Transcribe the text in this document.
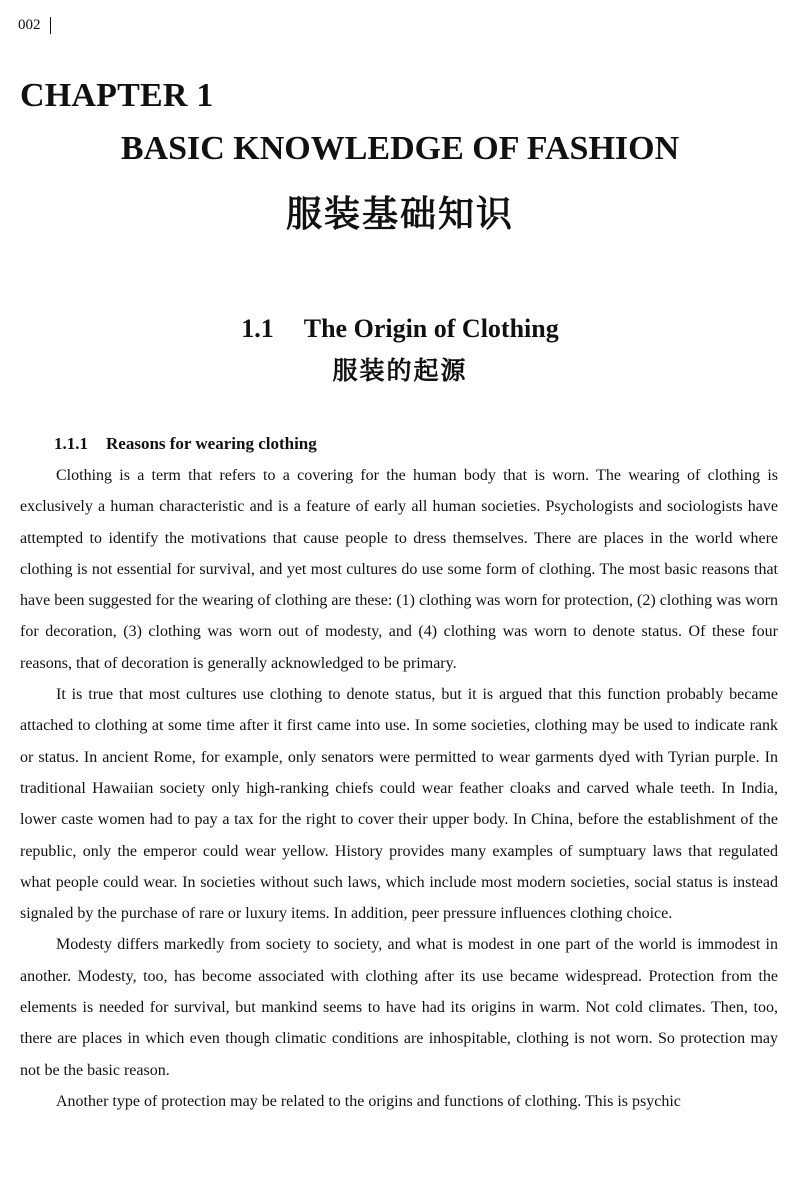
002
CHAPTER 1
BASIC KNOWLEDGE OF FASHION
服装基础知识
1.1 The Origin of Clothing
服装的起源
1.1.1 Reasons for wearing clothing

Clothing is a term that refers to a covering for the human body that is worn. The wearing of clothing is exclusively a human characteristic and is a feature of early all human societies. Psychologists and sociologists have attempted to identify the motivations that cause people to dress themselves. There are places in the world where clothing is not essential for survival, and yet most cultures do use some form of clothing. The most basic reasons that have been suggested for the wearing of clothing are these: (1) clothing was worn for protection, (2) clothing was worn for decoration, (3) clothing was worn out of modesty, and (4) clothing was worn to denote status. Of these four reasons, that of decoration is generally acknowledged to be primary.

It is true that most cultures use clothing to denote status, but it is argued that this function probably became attached to clothing at some time after it first came into use. In some societies, clothing may be used to indicate rank or status. In ancient Rome, for example, only senators were permitted to wear garments dyed with Tyrian purple. In traditional Hawaiian society only high-ranking chiefs could wear feather cloaks and carved whale teeth. In India, lower caste women had to pay a tax for the right to cover their upper body. In China, before the establishment of the republic, only the emperor could wear yellow. History provides many examples of sumptuary laws that regulated what people could wear. In societies without such laws, which include most modern societies, social status is instead signaled by the purchase of rare or luxury items. In addition, peer pressure influences clothing choice.

Modesty differs markedly from society to society, and what is modest in one part of the world is immodest in another. Modesty, too, has become associated with clothing after its use became widespread. Protection from the elements is needed for survival, but mankind seems to have had its origins in warm. Not cold climates. Then, too, there are places in which even though climatic conditions are inhospitable, clothing is not worn. So protection may not be the basic reason.

Another type of protection may be related to the origins and functions of clothing. This is psychic
